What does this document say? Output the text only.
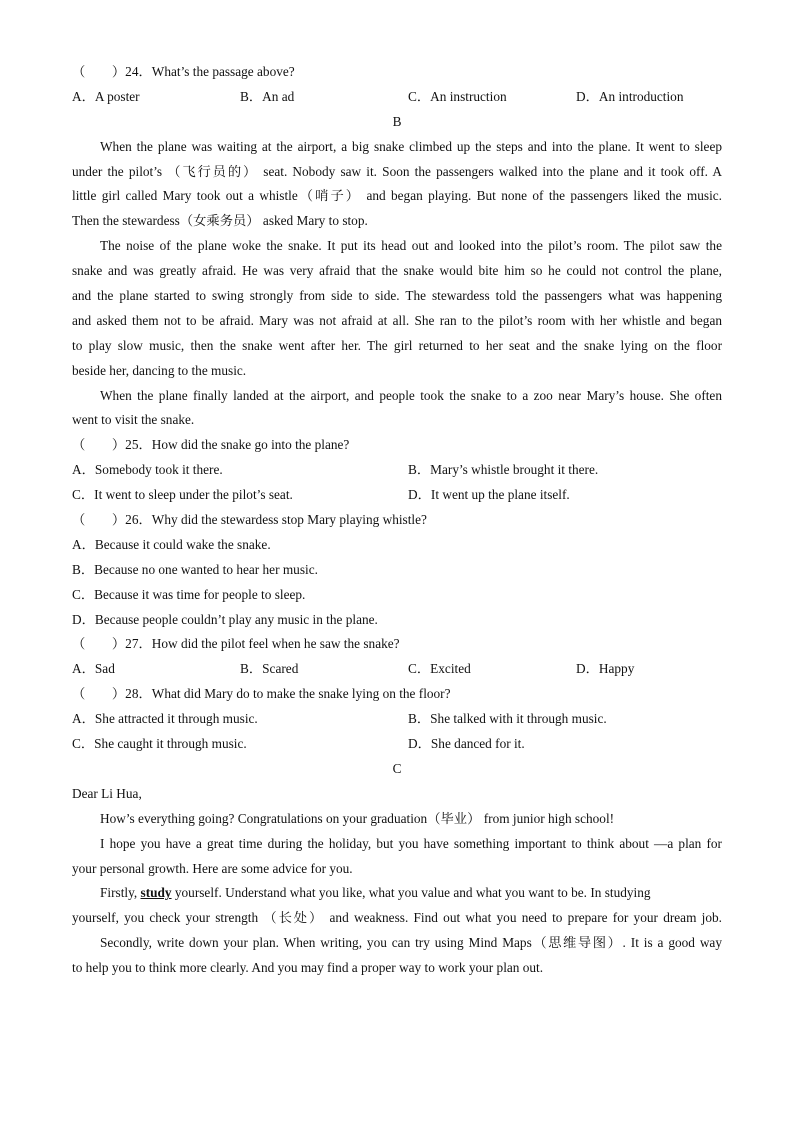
（　　）24．What’s the passage above?
A．A poster	B．An ad	C．An instruction	D．An introduction
B
When the plane was waiting at the airport, a big snake climbed up the steps and into the plane. It went to sleep
under the pilot’s （飞行员的） seat. Nobody saw it. Soon the passengers walked into the plane and it took off. A
little girl called Mary took out a whistle（哨子） and began playing. But none of the passengers liked the music.
Then the stewardess（女乘务员） asked Mary to stop.
The noise of the plane woke the snake. It put its head out and looked into the pilot’s room. The pilot saw the
snake and was greatly afraid. He was very afraid that the snake would bite him so he could not control the plane,
and the plane started to swing strongly from side to side. The stewardess told the passengers what was happening
and asked them not to be afraid. Mary was not afraid at all. She ran to the pilot’s room with her whistle and began
to play slow music, then the snake went after her. The girl returned to her seat and the snake lying on the floor
beside her, dancing to the music.
When the plane finally landed at the airport, and people took the snake to a zoo near Mary’s house. She often
went to visit the snake.
（　　）25．How did the snake go into the plane?
A．Somebody took it there.	B．Mary’s whistle brought it there.
C．It went to sleep under the pilot’s seat.	D．It went up the plane itself.
（　　）26．Why did the stewardess stop Mary playing whistle?
A．Because it could wake the snake.
B．Because no one wanted to hear her music.
C．Because it was time for people to sleep.
D．Because people couldn’t play any music in the plane.
（　　）27．How did the pilot feel when he saw the snake?
A．Sad	B．Scared	C．Excited	D．Happy
（　　）28．What did Mary do to make the snake lying on the floor?
A．She attracted it through music.	B．She talked with it through music.
C．She caught it through music.	D．She danced for it.
C
Dear Li Hua,
How’s everything going? Congratulations on your graduation（毕业） from junior high school!
I hope you have a great time during the holiday, but you have something important to think about —a plan for
your personal growth. Here are some advice for you.
Firstly, study yourself. Understand what you like, what you value and what you want to be. In studying
yourself, you check your strength （长处） and weakness. Find out what you need to prepare for your dream job.
Secondly, write down your plan. When writing, you can try using Mind Maps（思维导图）. It is a good way
to help you to think more clearly. And you may find a proper way to work your plan out.
